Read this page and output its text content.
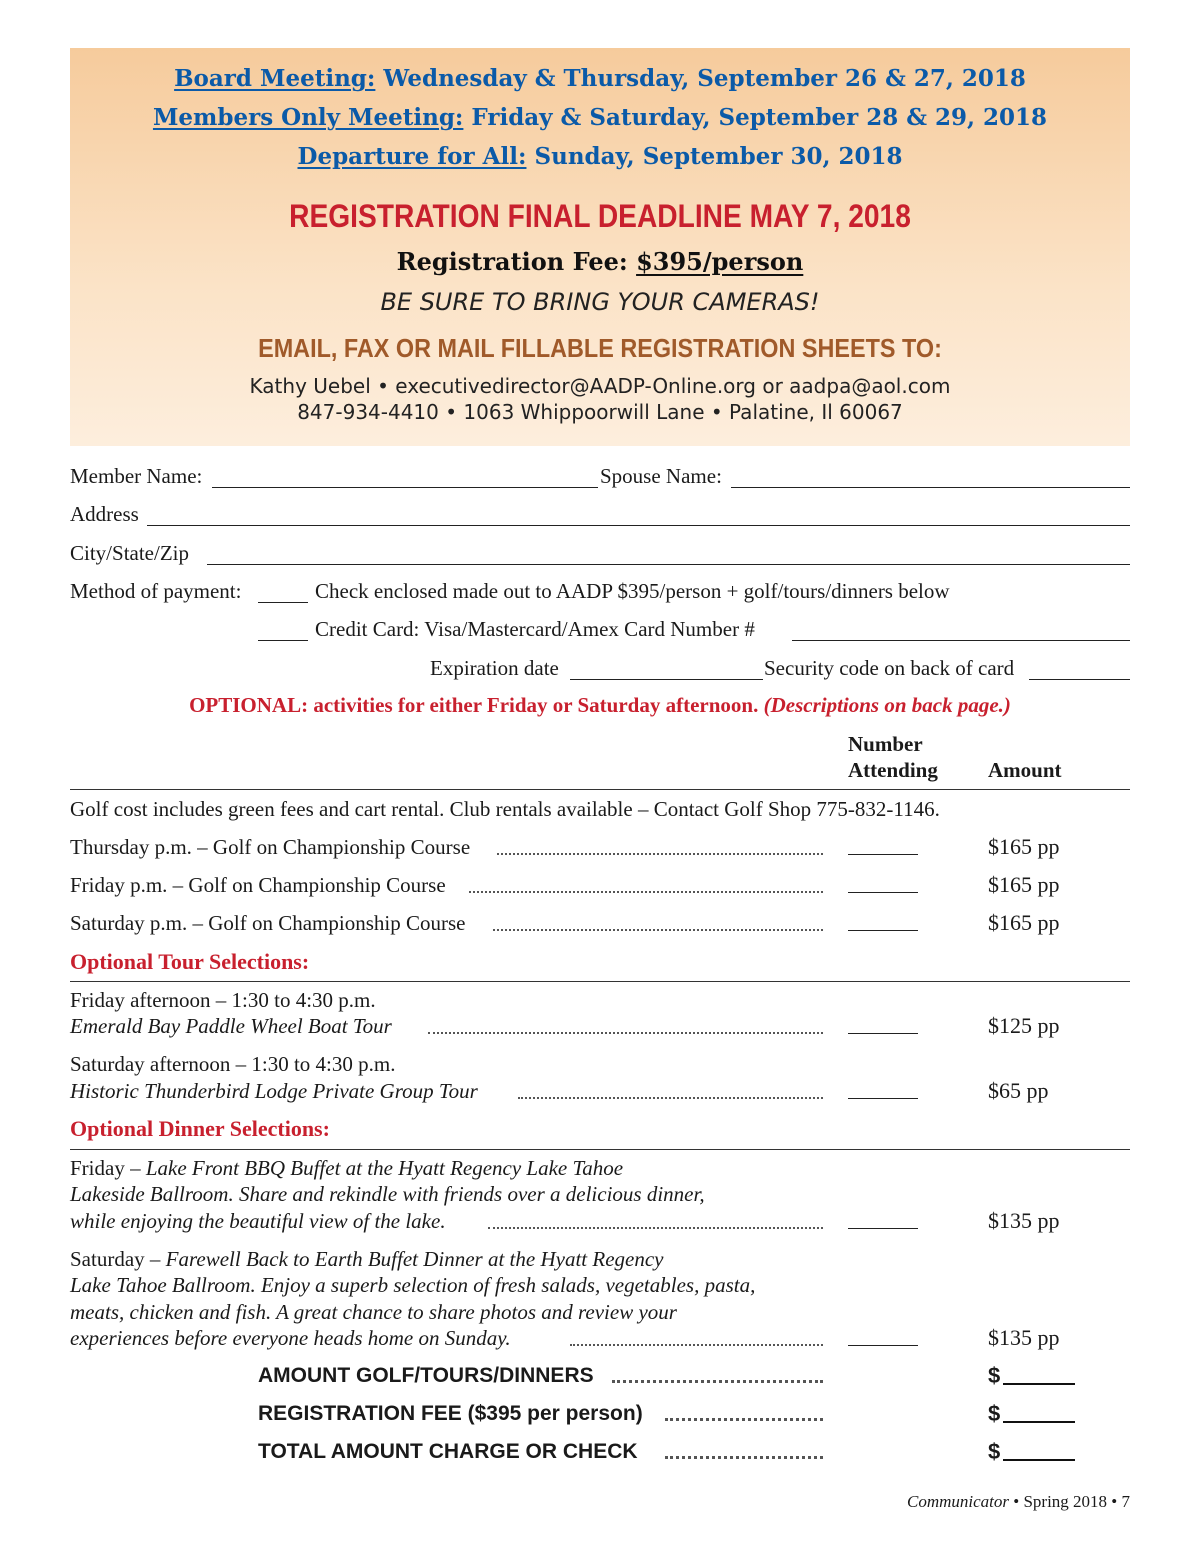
Board Meeting: Wednesday & Thursday, September 26 & 27, 2018
Members Only Meeting: Friday & Saturday, September 28 & 29, 2018
Departure for All: Sunday, September 30, 2018
REGISTRATION FINAL DEADLINE MAY 7, 2018
Registration Fee: $395/person
BE SURE TO BRING YOUR CAMERAS!
EMAIL, FAX OR MAIL FILLABLE REGISTRATION SHEETS TO:
Kathy Uebel • executivedirector@AADP-Online.org or aadpa@aol.com
847-934-4410 • 1063 Whippoorwill Lane • Palatine, Il 60067
Member Name:	Spouse Name:
Address
City/State/Zip
Method of payment:	Check enclosed made out to AADP $395/person + golf/tours/dinners below
Credit Card: Visa/Mastercard/Amex Card Number #
Expiration date	Security code on back of card
OPTIONAL: activities for either Friday or Saturday afternoon. (Descriptions on back page.)
Number
Attending Amount
Golf cost includes green fees and cart rental. Club rentals available – Contact Golf Shop 775-832-1146.
Thursday p.m. – Golf on Championship Course	$165 pp
Friday p.m. – Golf on Championship Course	$165 pp
Saturday p.m. – Golf on Championship Course	$165 pp
Optional Tour Selections:
Friday afternoon – 1:30 to 4:30 p.m.
Emerald Bay Paddle Wheel Boat Tour	$125 pp
Saturday afternoon – 1:30 to 4:30 p.m.
Historic Thunderbird Lodge Private Group Tour	$65 pp
Optional Dinner Selections:
Friday – Lake Front BBQ Buffet at the Hyatt Regency Lake Tahoe
Lakeside Ballroom. Share and rekindle with friends over a delicious dinner,
while enjoying the beautiful view of the lake.	$135 pp
Saturday – Farewell Back to Earth Buffet Dinner at the Hyatt Regency
Lake Tahoe Ballroom. Enjoy a superb selection of fresh salads, vegetables, pasta,
meats, chicken and fish. A great chance to share photos and review your
experiences before everyone heads home on Sunday.	$135 pp
AMOUNT GOLF/TOURS/DINNERS	$
REGISTRATION FEE ($395 per person)	$
TOTAL AMOUNT CHARGE OR CHECK	$
Communicator • Spring 2018 • 7
